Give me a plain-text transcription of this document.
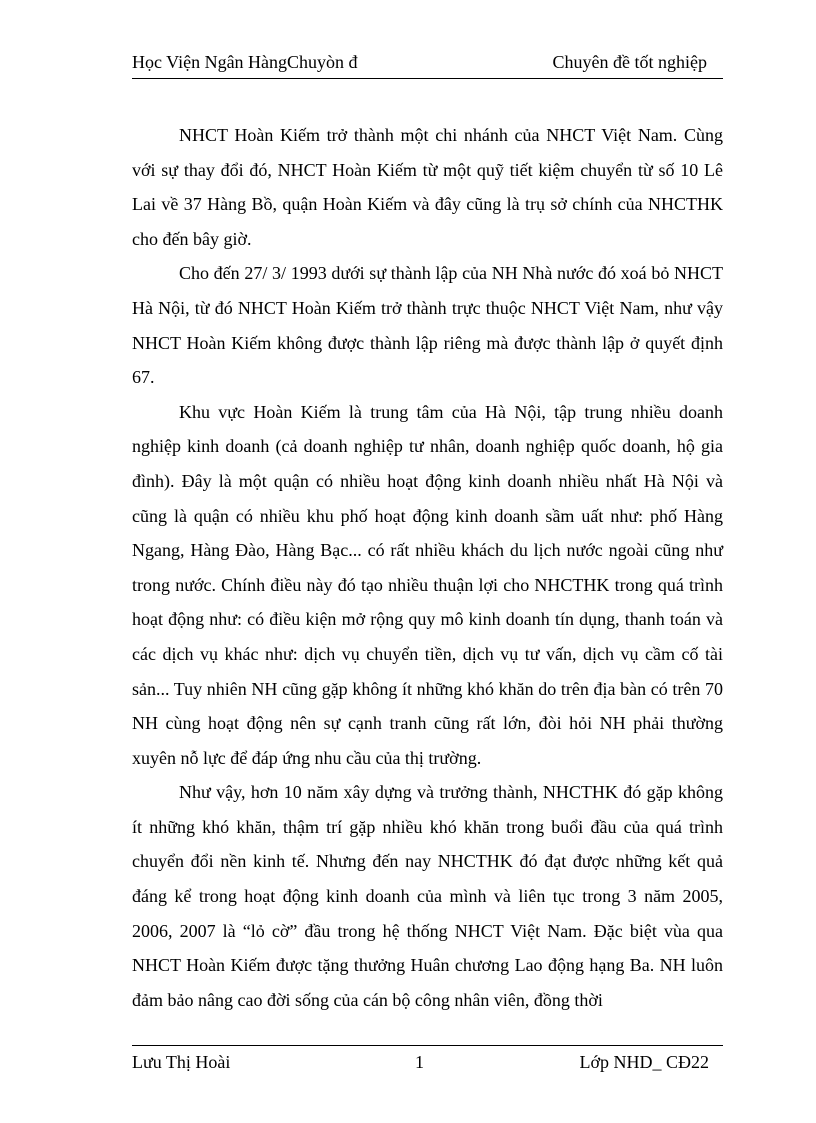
Học Viện Ngân HàngChuyòn đ	Chuyên đề tốt nghiệp

NHCT Hoàn Kiếm trở thành một chi nhánh của NHCT Việt Nam. Cùng với sự thay đổi đó, NHCT Hoàn Kiếm từ một quỹ tiết kiệm chuyển từ số 10 Lê Lai về 37 Hàng Bồ, quận Hoàn Kiếm và đây cũng là trụ sở chính của NHCTHK cho đến bây giờ.

Cho đến 27/ 3/ 1993 dưới sự thành lập của NH Nhà nước đó xoá bỏ NHCT Hà Nội, từ đó NHCT Hoàn Kiếm trở thành trực thuộc NHCT Việt Nam, như vậy NHCT Hoàn Kiếm không được thành lập riêng mà được thành lập ở quyết định 67.

Khu vực Hoàn Kiếm là trung tâm của Hà Nội, tập trung nhiều doanh nghiệp kinh doanh (cả doanh nghiệp tư nhân, doanh nghiệp quốc doanh, hộ gia đình). Đây là một quận có nhiều hoạt động kinh doanh nhiều nhất Hà Nội và cũng là quận có nhiều khu phố hoạt động kinh doanh sầm uất như: phố Hàng Ngang, Hàng Đào, Hàng Bạc... có rất nhiều khách du lịch nước ngoài cũng như trong nước. Chính điều này đó tạo nhiều thuận lợi cho NHCTHK trong quá trình hoạt động như: có điều kiện mở rộng quy mô kinh doanh tín dụng, thanh toán và các dịch vụ khác như: dịch vụ chuyển tiền, dịch vụ tư vấn, dịch vụ cầm cố tài sản... Tuy nhiên NH cũng gặp không ít những khó khăn do trên địa bàn có trên 70 NH cùng hoạt động nên sự cạnh tranh cũng rất lớn, đòi hỏi NH phải thường xuyên nỗ lực để đáp ứng nhu cầu của thị trường.

Như vậy, hơn 10 năm xây dựng và trưởng thành, NHCTHK đó gặp không ít những khó khăn, thậm trí gặp nhiều khó khăn trong buổi đầu của quá trình chuyển đổi nền kinh tế. Nhưng đến nay NHCTHK đó đạt được những kết quả đáng kể trong hoạt động kinh doanh của mình và liên tục trong 3 năm 2005, 2006, 2007 là “lỏ cờ” đầu trong hệ thống NHCT Việt Nam. Đặc biệt vùa qua NHCT Hoàn Kiếm được tặng thưởng Huân chương Lao động hạng Ba. NH luôn đảm bảo nâng cao đời sống của cán bộ công nhân viên, đồng thời

Lưu Thị Hoài	1	Lớp NHD_ CĐ22
